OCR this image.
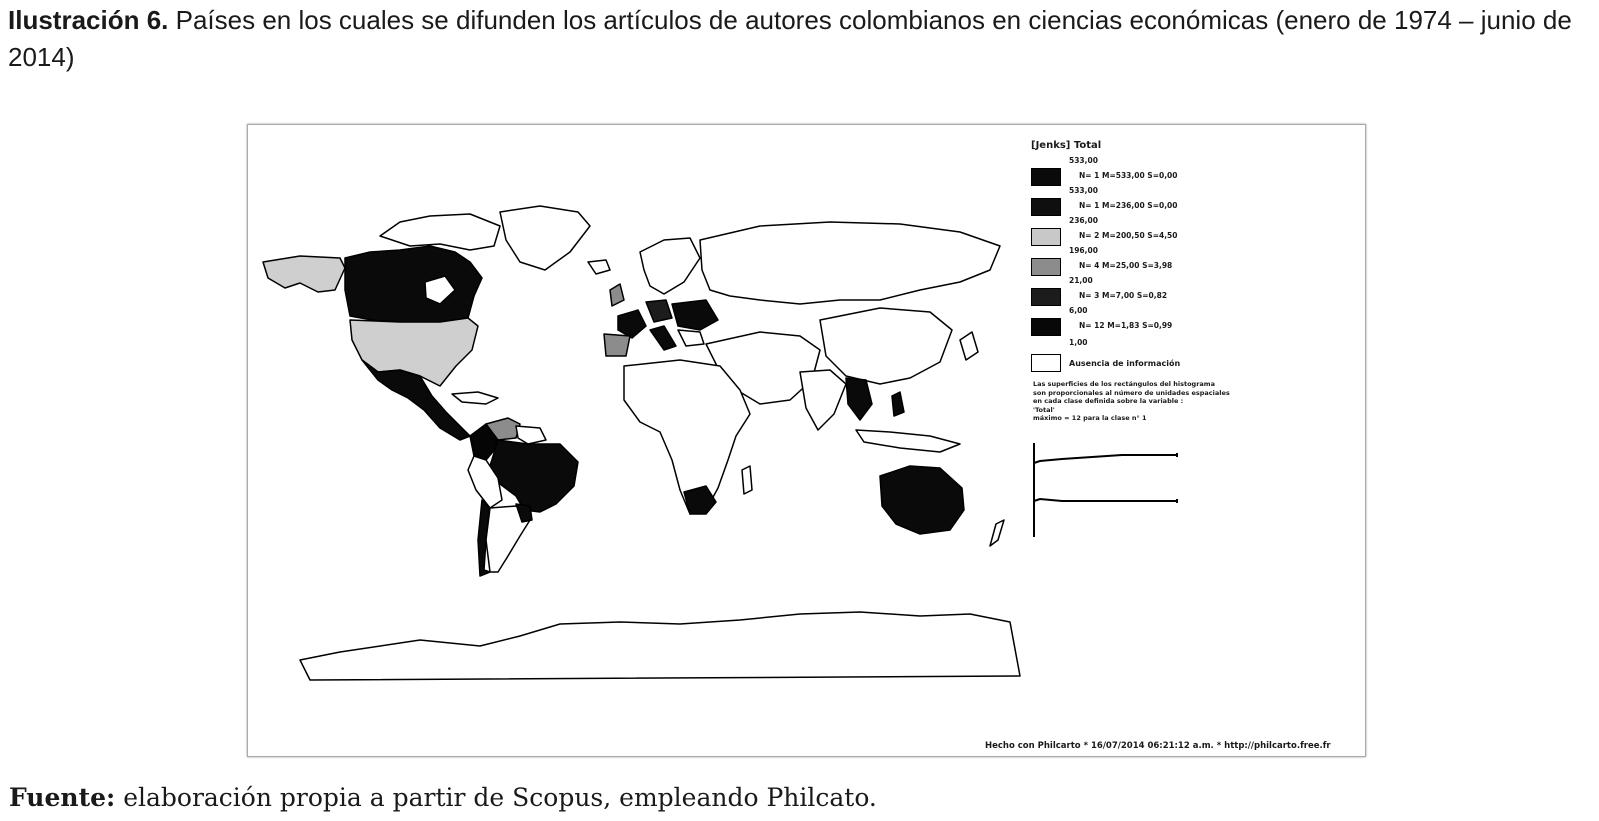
Ilustración 6. Países en los cuales se difunden los artículos de autores colombianos en ciencias económicas (enero de 1974 – junio de 2014)
[Jenks] Total
533,00
N= 1 M=533,00 S=0,00
533,00
N= 1 M=236,00 S=0,00
236,00
N= 2 M=200,50 S=4,50
196,00
N= 4 M=25,00 S=3,98
21,00
N= 3 M=7,00 S=0,82
6,00
N= 12 M=1,83 S=0,99
1,00
Ausencia de información
Las superficies de los rectángulos del histograma
son proporcionales al número de unidades espaciales
en cada clase definida sobre la variable :
'Total'
máximo = 12 para la clase n° 1
Hecho con Philcarto * 16/07/2014 06:21:12 a.m. * http://philcarto.free.fr
Fuente: elaboración propia a partir de Scopus, empleando Philcato.
